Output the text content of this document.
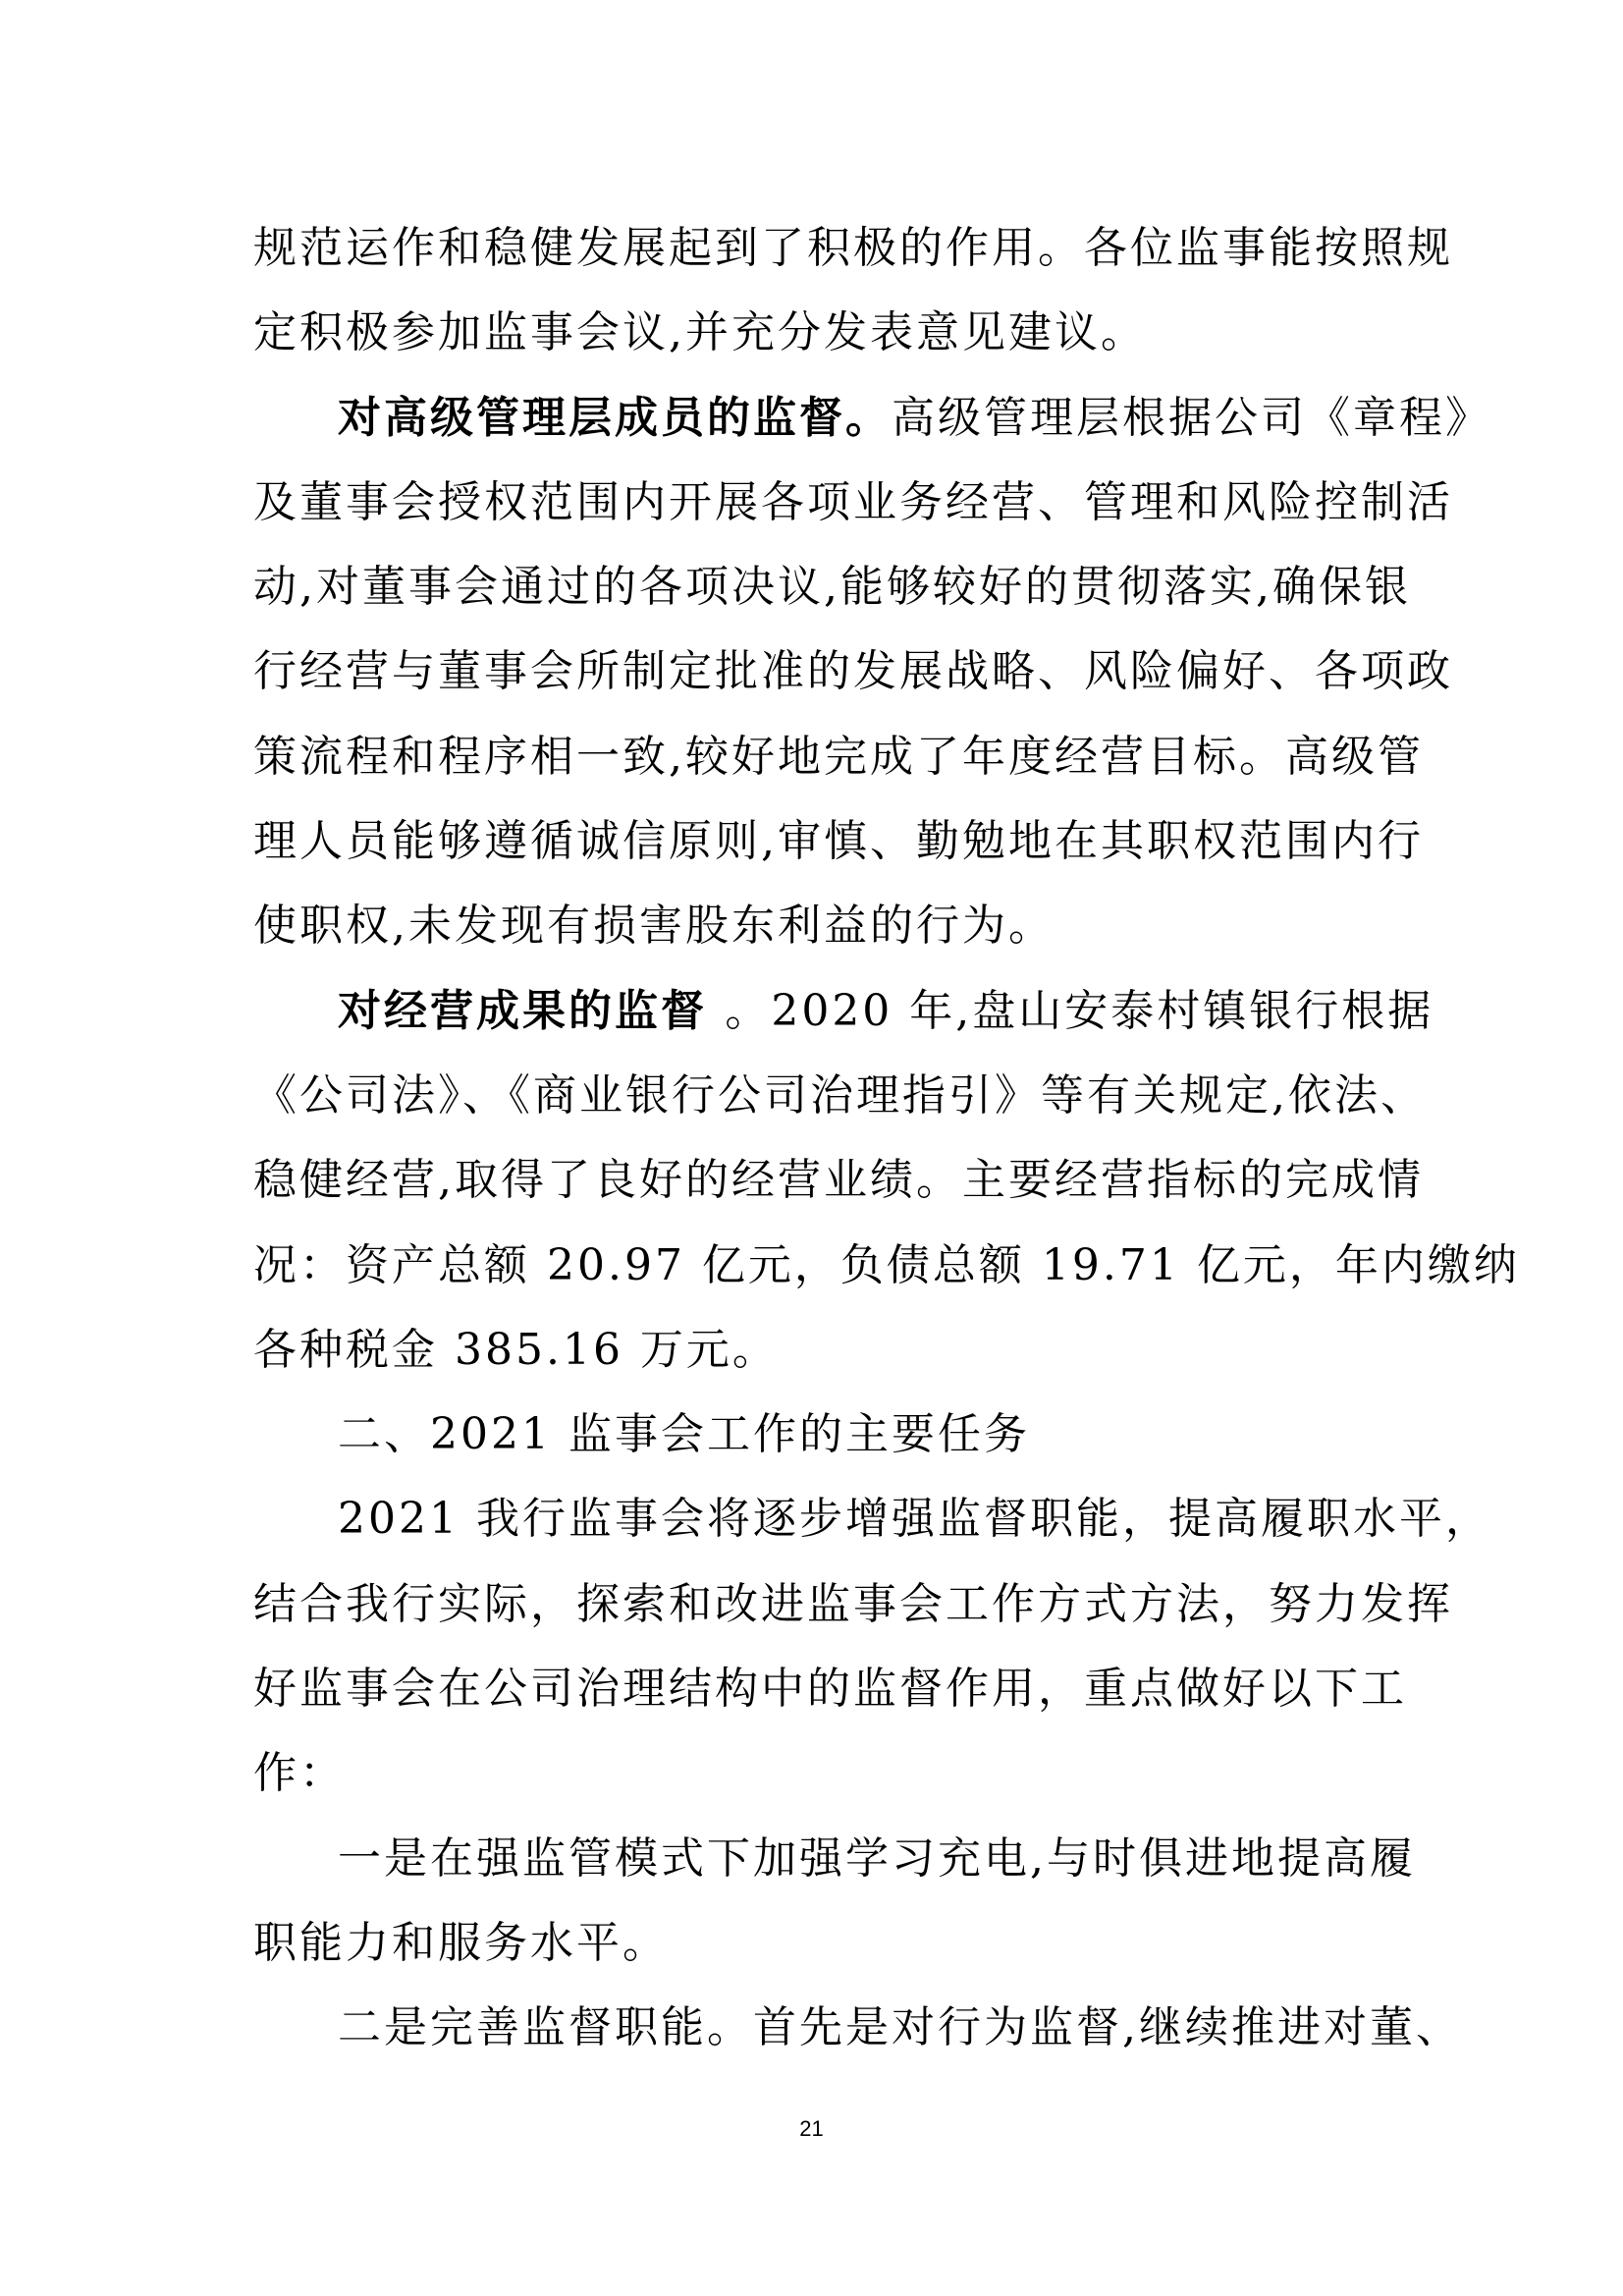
规范运作和稳健发展起到了积极的作用。各位监事能按照规
定积极参加监事会议,并充分发表意见建议。
对高级管理层成员的监督。高级管理层根据公司《章程》
及董事会授权范围内开展各项业务经营、管理和风险控制活
动,对董事会通过的各项决议,能够较好的贯彻落实,确保银
行经营与董事会所制定批准的发展战略、风险偏好、各项政
策流程和程序相一致,较好地完成了年度经营目标。高级管
理人员能够遵循诚信原则,审慎、勤勉地在其职权范围内行
使职权,未发现有损害股东利益的行为。
对经营成果的监督 。2020 年,盘山安泰村镇银行根据
《公司法》、《商业银行公司治理指引》等有关规定,依法、
稳健经营,取得了良好的经营业绩。主要经营指标的完成情
况：资产总额 20.97 亿元，负债总额 19.71 亿元，年内缴纳
各种税金 385.16 万元。
二、2021 监事会工作的主要任务
2021 我行监事会将逐步增强监督职能，提高履职水平，
结合我行实际，探索和改进监事会工作方式方法，努力发挥
好监事会在公司治理结构中的监督作用，重点做好以下工
作：
一是在强监管模式下加强学习充电,与时俱进地提高履
职能力和服务水平。
二是完善监督职能。首先是对行为监督,继续推进对董、
21
